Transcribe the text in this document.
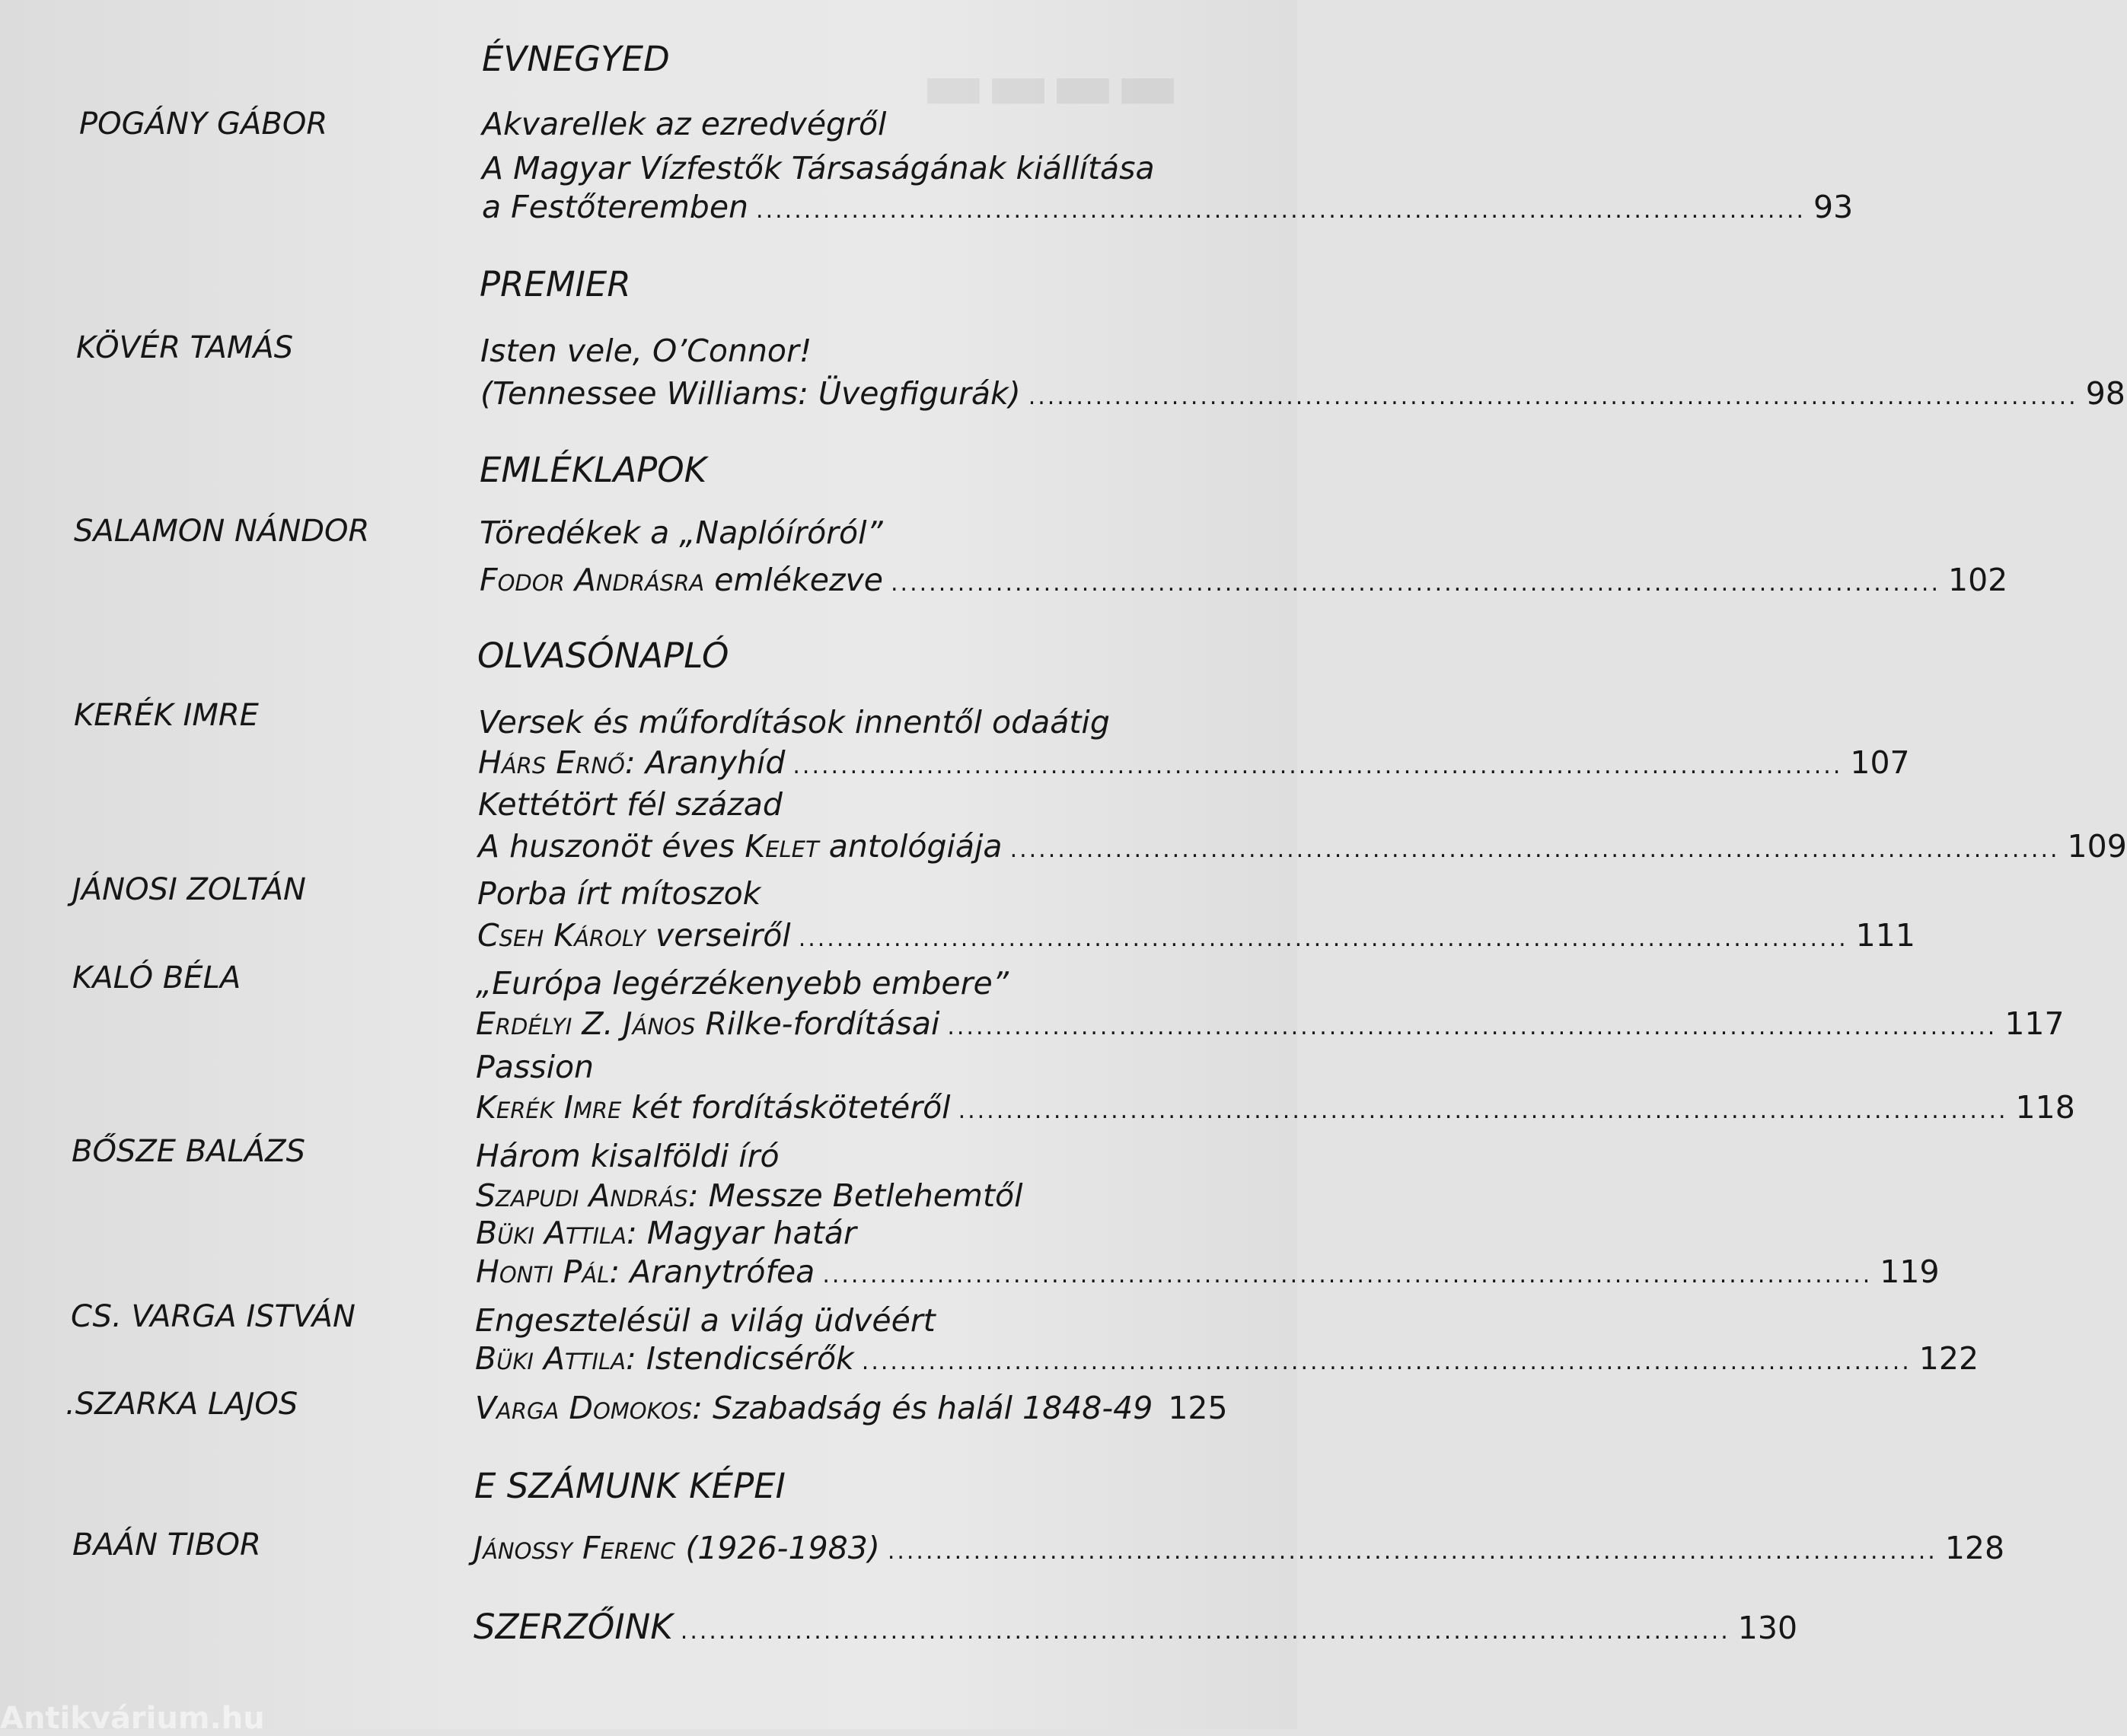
▬▬▬▬
ÉVNEGYED
POGÁNY GÁBOR	Akvarellek az ezredvégről
A Magyar Vízfestők Társaságának kiállítása
a Festőteremben .............................................................................................................. 93
PREMIER
KÖVÉR TAMÁS	Isten vele, O’Connor!
(Tennessee Williams: Üvegfigurák) .............................................................................................................. 98
EMLÉKLAPOK
SALAMON NÁNDOR	Töredékek a „Naplóíróról”
Fodor Andrásra emlékezve .............................................................................................................. 102
OLVASÓNAPLÓ
KERÉK IMRE	Versek és műfordítások innentől odaátig
Hárs Ernő: Aranyhíd .............................................................................................................. 107
Kettétört fél század
A huszonöt éves Kelet antológiája .............................................................................................................. 109
JÁNOSI ZOLTÁN	Porba írt mítoszok
Cseh Károly verseiről .............................................................................................................. 111
KALÓ BÉLA	„Európa legérzékenyebb embere”
Erdélyi Z. János Rilke-fordításai .............................................................................................................. 117
Passion
Kerék Imre két fordításkötetéről .............................................................................................................. 118
BŐSZE BALÁZS	Három kisalföldi író
Szapudi András: Messze Betlehemtől
Büki Attila: Magyar határ
Honti Pál: Aranytrófea .............................................................................................................. 119
CS. VARGA ISTVÁN	Engesztelésül a világ üdvéért
Büki Attila: Istendicsérők .............................................................................................................. 122
.SZARKA LAJOS	Varga Domokos: Szabadság és halál 1848-49 125
E SZÁMUNK KÉPEI
BAÁN TIBOR	Jánossy Ferenc (1926-1983) .............................................................................................................. 128
SZERZŐINK .............................................................................................................. 130
Antikvárium.hu
